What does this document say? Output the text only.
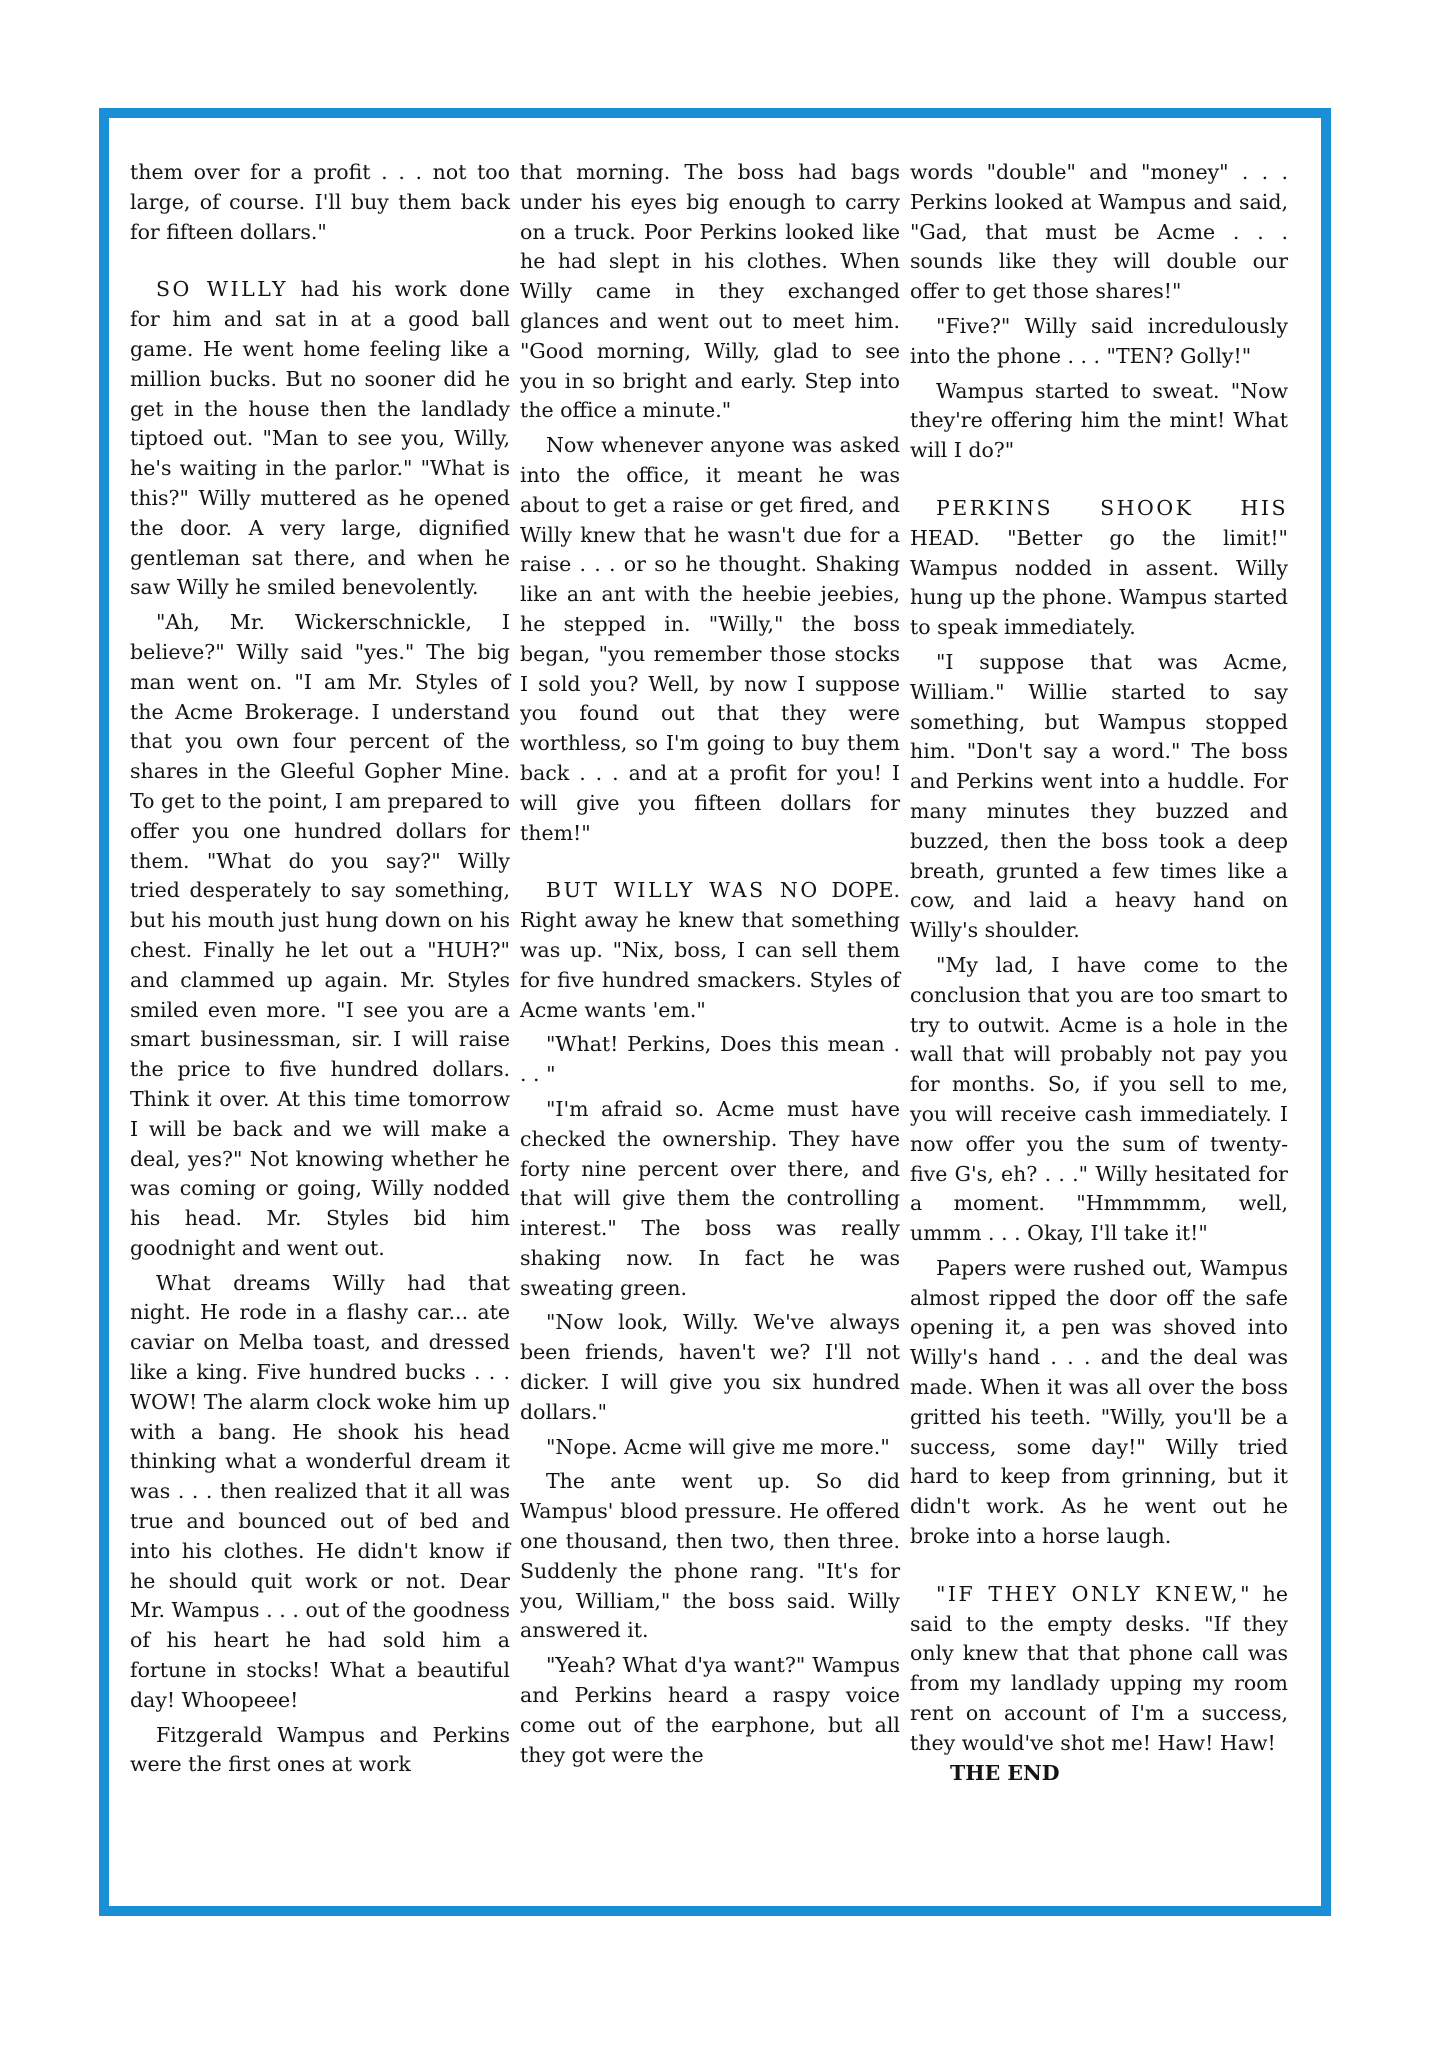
them over for a profit . . . not too large, of course. I'll buy them back for fifteen dollars."

SO WILLY had his work done for him and sat in at a good ball game. He went home feeling like a million bucks. But no sooner did he get in the house then the landlady tiptoed out. "Man to see you, Willy, he's waiting in the parlor." "What is this?" Willy muttered as he opened the door. A very large, dignified gentleman sat there, and when he saw Willy he smiled benevolently.

"Ah, Mr. Wickerschnickle, I believe?" Willy said "yes." The big man went on. "I am Mr. Styles of the Acme Brokerage. I understand that you own four percent of the shares in the Gleeful Gopher Mine. To get to the point, I am prepared to offer you one hundred dollars for them. "What do you say?" Willy tried desperately to say something, but his mouth just hung down on his chest. Finally he let out a "HUH?" and clammed up again. Mr. Styles smiled even more. "I see you are a smart businessman, sir. I will raise the price to five hundred dollars. Think it over. At this time tomorrow I will be back and we will make a deal, yes?" Not knowing whether he was coming or going, Willy nodded his head. Mr. Styles bid him goodnight and went out.

What dreams Willy had that night. He rode in a flashy car... ate caviar on Melba toast, and dressed like a king. Five hundred bucks . . . WOW! The alarm clock woke him up with a bang. He shook his head thinking what a wonderful dream it was . . . then realized that it all was true and bounced out of bed and into his clothes. He didn't know if he should quit work or not. Dear Mr. Wampus . . . out of the goodness of his heart he had sold him a fortune in stocks! What a beautiful day! Whoopeee!

Fitzgerald Wampus and Perkins were the first ones at work

that morning. The boss had bags under his eyes big enough to carry on a truck. Poor Perkins looked like he had slept in his clothes. When Willy came in they exchanged glances and went out to meet him. "Good morning, Willy, glad to see you in so bright and early. Step into the office a minute."

Now whenever anyone was asked into the office, it meant he was about to get a raise or get fired, and Willy knew that he wasn't due for a raise . . . or so he thought. Shaking like an ant with the heebie jeebies, he stepped in. "Willy," the boss began, "you remember those stocks I sold you? Well, by now I suppose you found out that they were worthless, so I'm going to buy them back . . . and at a profit for you! I will give you fifteen dollars for them!"

BUT WILLY WAS NO DOPE. Right away he knew that something was up. "Nix, boss, I can sell them for five hundred smackers. Styles of Acme wants 'em."

"What! Perkins, Does this mean . . . "

"I'm afraid so. Acme must have checked the ownership. They have forty nine percent over there, and that will give them the controlling interest." The boss was really shaking now. In fact he was sweating green.

"Now look, Willy. We've always been friends, haven't we? I'll not dicker. I will give you six hundred dollars."

"Nope. Acme will give me more."

The ante went up. So did Wampus' blood pressure. He offered one thousand, then two, then three. Suddenly the phone rang. "It's for you, William," the boss said. Willy answered it.

"Yeah? What d'ya want?" Wampus and Perkins heard a raspy voice come out of the earphone, but all they got were the

words "double" and "money" . . . Perkins looked at Wampus and said, "Gad, that must be Acme . . . sounds like they will double our offer to get those shares!"

"Five?" Willy said incredulously into the phone . . . "TEN? Golly!"

Wampus started to sweat. "Now they're offering him the mint! What will I do?"

PERKINS SHOOK HIS HEAD. "Better go the limit!" Wampus nodded in assent. Willy hung up the phone. Wampus started to speak immediately.

"I suppose that was Acme, William." Willie started to say something, but Wampus stopped him. "Don't say a word." The boss and Perkins went into a huddle. For many minutes they buzzed and buzzed, then the boss took a deep breath, grunted a few times like a cow, and laid a heavy hand on Willy's shoulder.

"My lad, I have come to the conclusion that you are too smart to try to outwit. Acme is a hole in the wall that will probably not pay you for months. So, if you sell to me, you will receive cash immediately. I now offer you the sum of twenty-five G's, eh? . . ." Willy hesitated for a moment. "Hmmmmm, well, ummm . . . Okay, I'll take it!"

Papers were rushed out, Wampus almost ripped the door off the safe opening it, a pen was shoved into Willy's hand . . . and the deal was made. When it was all over the boss gritted his teeth. "Willy, you'll be a success, some day!" Willy tried hard to keep from grinning, but it didn't work. As he went out he broke into a horse laugh.

"IF THEY ONLY KNEW," he said to the empty desks. "If they only knew that that phone call was from my landlady upping my room rent on account of I'm a success, they would've shot me! Haw! Haw!

THE END
